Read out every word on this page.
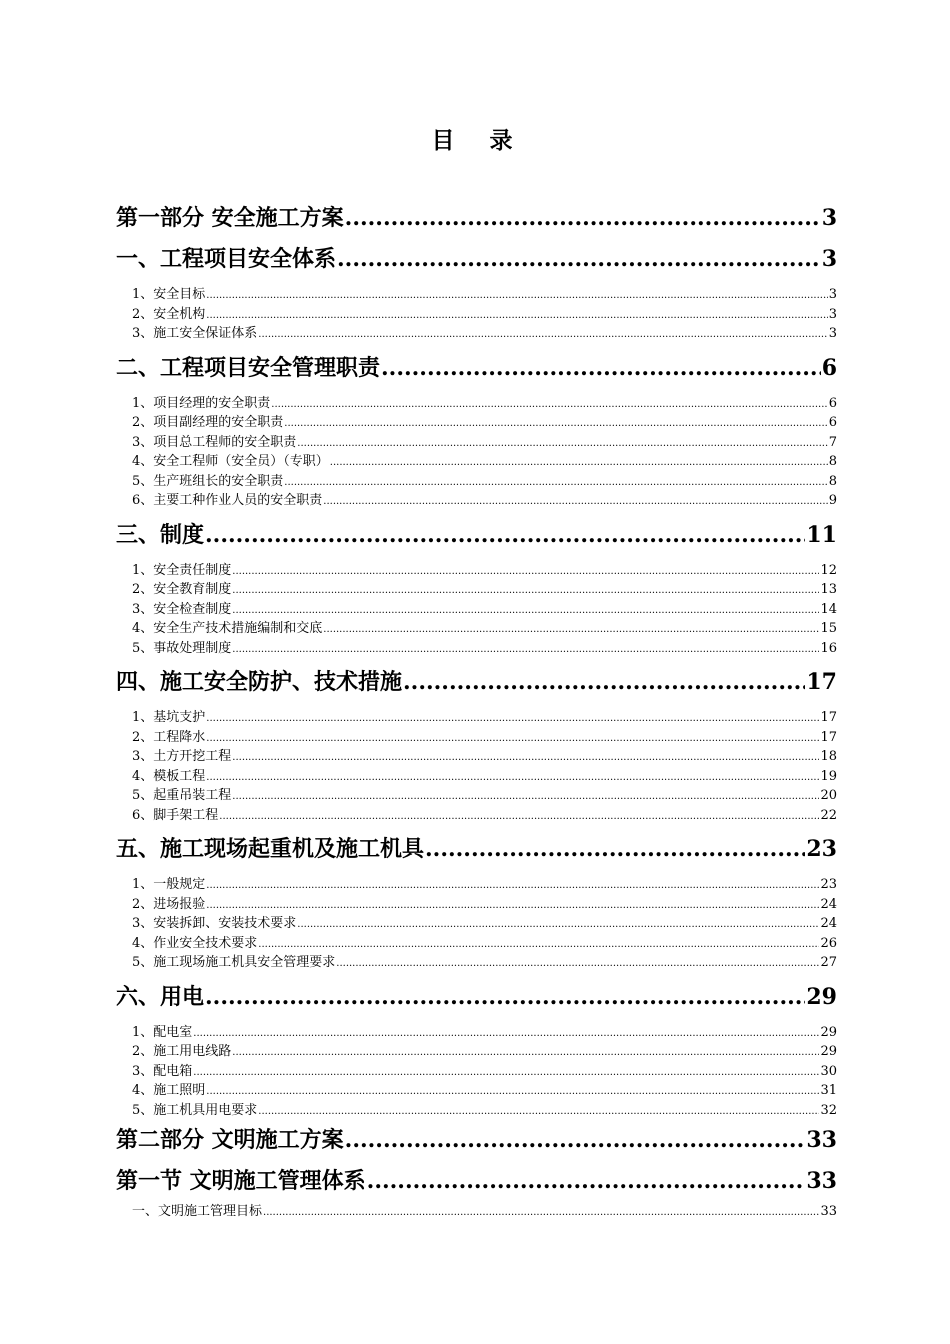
目　录
第一部分 安全施工方案 .....	3
一、工程项目安全体系 .....	3
1、安全目标 .....	3
2、安全机构 .....	3
3、施工安全保证体系 .....	3
二、工程项目安全管理职责 .....	6
1、项目经理的安全职责 .....	6
2、项目副经理的安全职责 .....	6
3、项目总工程师的安全职责 .....	7
4、安全工程师（安全员）（专职） .....	8
5、生产班组长的安全职责 .....	8
6、主要工种作业人员的安全职责 .....	9
三、制度 .....	11
1、安全责任制度 .....	12
2、安全教育制度 .....	13
3、安全检查制度 .....	14
4、安全生产技术措施编制和交底 .....	15
5、事故处理制度 .....	16
四、施工安全防护、技术措施 .....	17
1、基坑支护 .....	17
2、工程降水 .....	17
3、土方开挖工程 .....	18
4、模板工程 .....	19
5、起重吊装工程 .....	20
6、脚手架工程 .....	22
五、施工现场起重机及施工机具 .....	23
1、一般规定 .....	23
2、进场报验 .....	24
3、安装拆卸、安装技术要求 .....	24
4、作业安全技术要求 .....	26
5、施工现场施工机具安全管理要求 .....	27
六、用电 .....	29
1、配电室 .....	29
2、施工用电线路 .....	29
3、配电箱 .....	30
4、施工照明 .....	31
5、施工机具用电要求 .....	32
第二部分 文明施工方案 .....	33
第一节 文明施工管理体系 .....	33
一、文明施工管理目标 .....	33
